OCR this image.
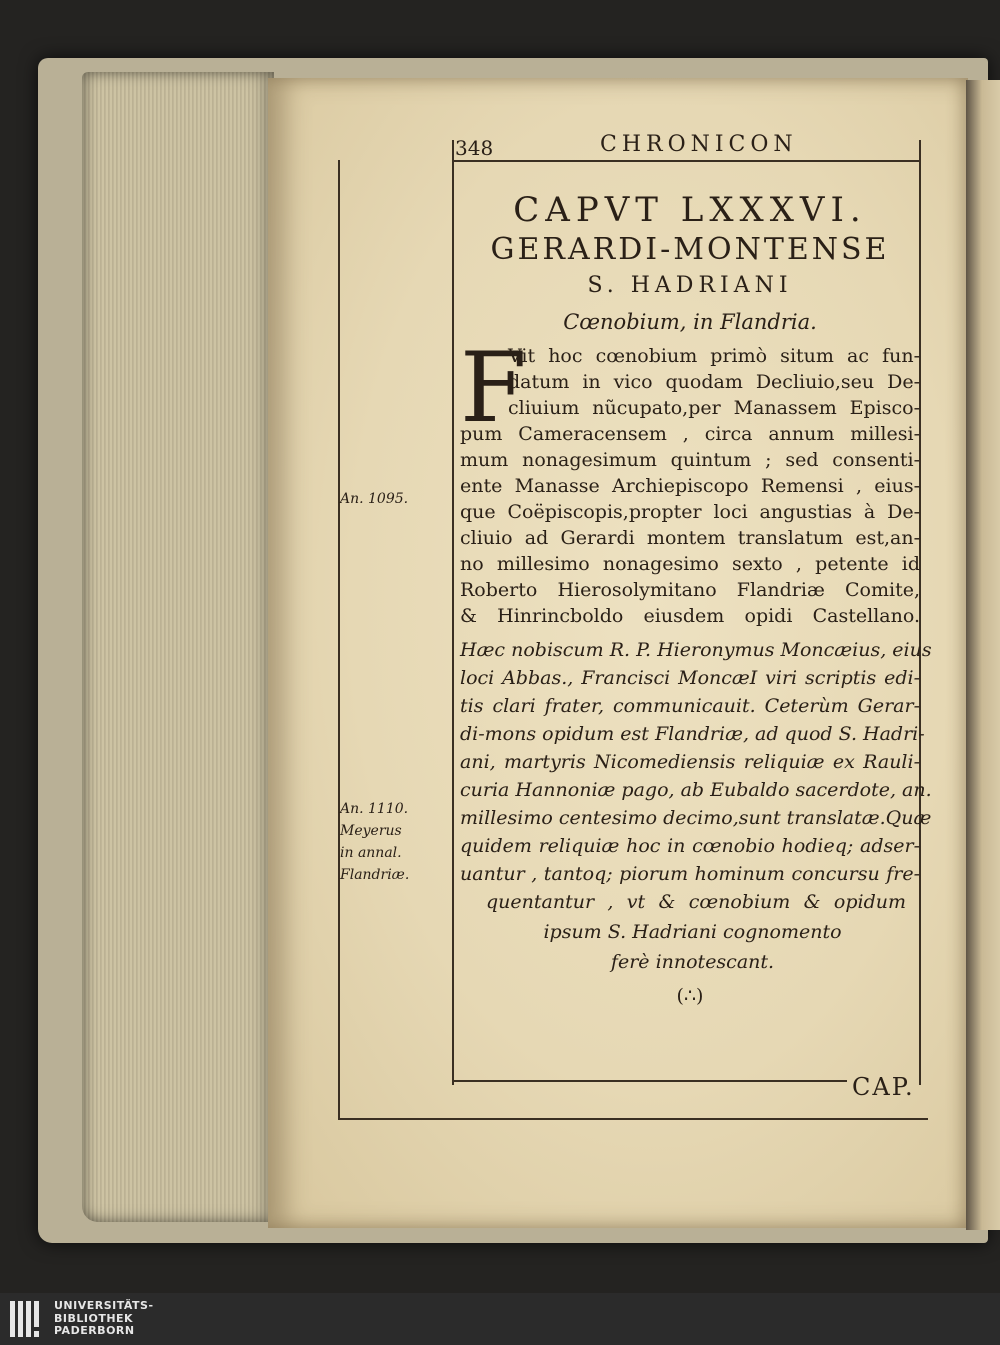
348	CHRONICON
CAPVT LXXXVI.
GERARDI-MONTENSE
S. HADRIANI
Cœnobium, in Flandria.
F
Vit hoc cœnobium primò situm ac fun-
datum in vico quodam Decliuio,seu De-
cliuium nũcupato,per Manassem Episco-
pum Cameracensem , circa annum millesi-
mum nonagesimum quintum ; sed consenti-
ente Manasse Archiepiscopo Remensi , eius-
que Coëpiscopis,propter loci angustias à De-
cliuio ad Gerardi montem translatum est,an-
no millesimo nonagesimo sexto , petente id
Roberto Hierosolymitano Flandriæ Comite,
& Hinrincboldo eiusdem opidi Castellano.
Hæc nobiscum R. P. Hieronymus Moncæius, eius
loci Abbas., Francisci MoncæI viri scriptis edi-
tis clari frater, communicauit. Ceterùm Gerar-
di-mons opidum est Flandriæ, ad quod S. Hadri-
ani, martyris Nicomediensis reliquiæ ex Rauli-
curia Hannoniæ pago, ab Eubaldo sacerdote, an.
millesimo centesimo decimo,sunt translatæ.Quæ
quidem reliquiæ hoc in cœnobio hodieq; adser-
uantur , tantoq; piorum hominum concursu fre-
quentantur , vt & cœnobium & opidum
ipsum S. Hadriani cognomento
ferè innotescant.
(∴)
An. 1095.
An. 1110.
Meyerus
in annal.
Flandriæ.
CAP.
UNIVERSITÄTS-
BIBLIOTHEK
PADERBORN
